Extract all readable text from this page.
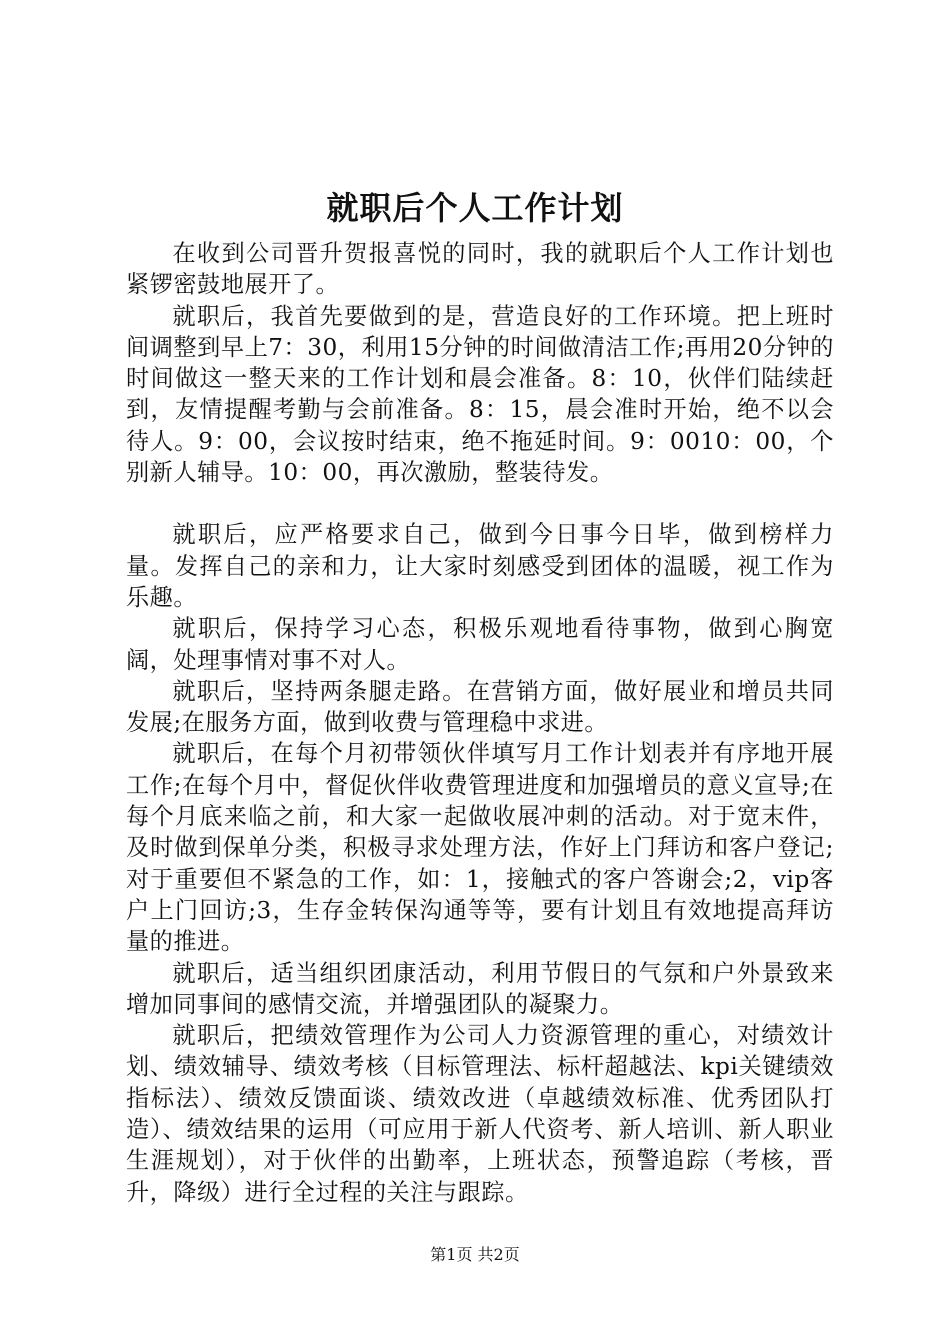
就职后个人工作计划

在收到公司晋升贺报喜悦的同时，我的就职后个人工作计划也紧锣密鼓地展开了。

就职后，我首先要做到的是，营造良好的工作环境。把上班时间调整到早上7：30，利用15分钟的时间做清洁工作;再用20分钟的时间做这一整天来的工作计划和晨会准备。8：10，伙伴们陆续赶到，友情提醒考勤与会前准备。8：15，晨会准时开始，绝不以会待人。9：00，会议按时结束，绝不拖延时间。9：0010：00，个别新人辅导。10：00，再次激励，整装待发。

就职后，应严格要求自己，做到今日事今日毕，做到榜样力量。发挥自己的亲和力，让大家时刻感受到团体的温暖，视工作为乐趣。

就职后，保持学习心态，积极乐观地看待事物，做到心胸宽阔，处理事情对事不对人。

就职后，坚持两条腿走路。在营销方面，做好展业和增员共同发展;在服务方面，做到收费与管理稳中求进。

就职后，在每个月初带领伙伴填写月工作计划表并有序地开展工作;在每个月中，督促伙伴收费管理进度和加强增员的意义宣导;在每个月底来临之前，和大家一起做收展冲刺的活动。对于宽末件，及时做到保单分类，积极寻求处理方法，作好上门拜访和客户登记;对于重要但不紧急的工作，如：1，接触式的客户答谢会;2，vip客户上门回访;3，生存金转保沟通等等，要有计划且有效地提高拜访量的推进。

就职后，适当组织团康活动，利用节假日的气氛和户外景致来增加同事间的感情交流，并增强团队的凝聚力。

就职后，把绩效管理作为公司人力资源管理的重心，对绩效计划、绩效辅导、绩效考核（目标管理法、标杆超越法、kpi关键绩效指标法）、绩效反馈面谈、绩效改进（卓越绩效标准、优秀团队打造）、绩效结果的运用（可应用于新人代资考、新人培训、新人职业生涯规划），对于伙伴的出勤率，上班状态，预警追踪（考核，晋升，降级）进行全过程的关注与跟踪。

第1页 共2页
